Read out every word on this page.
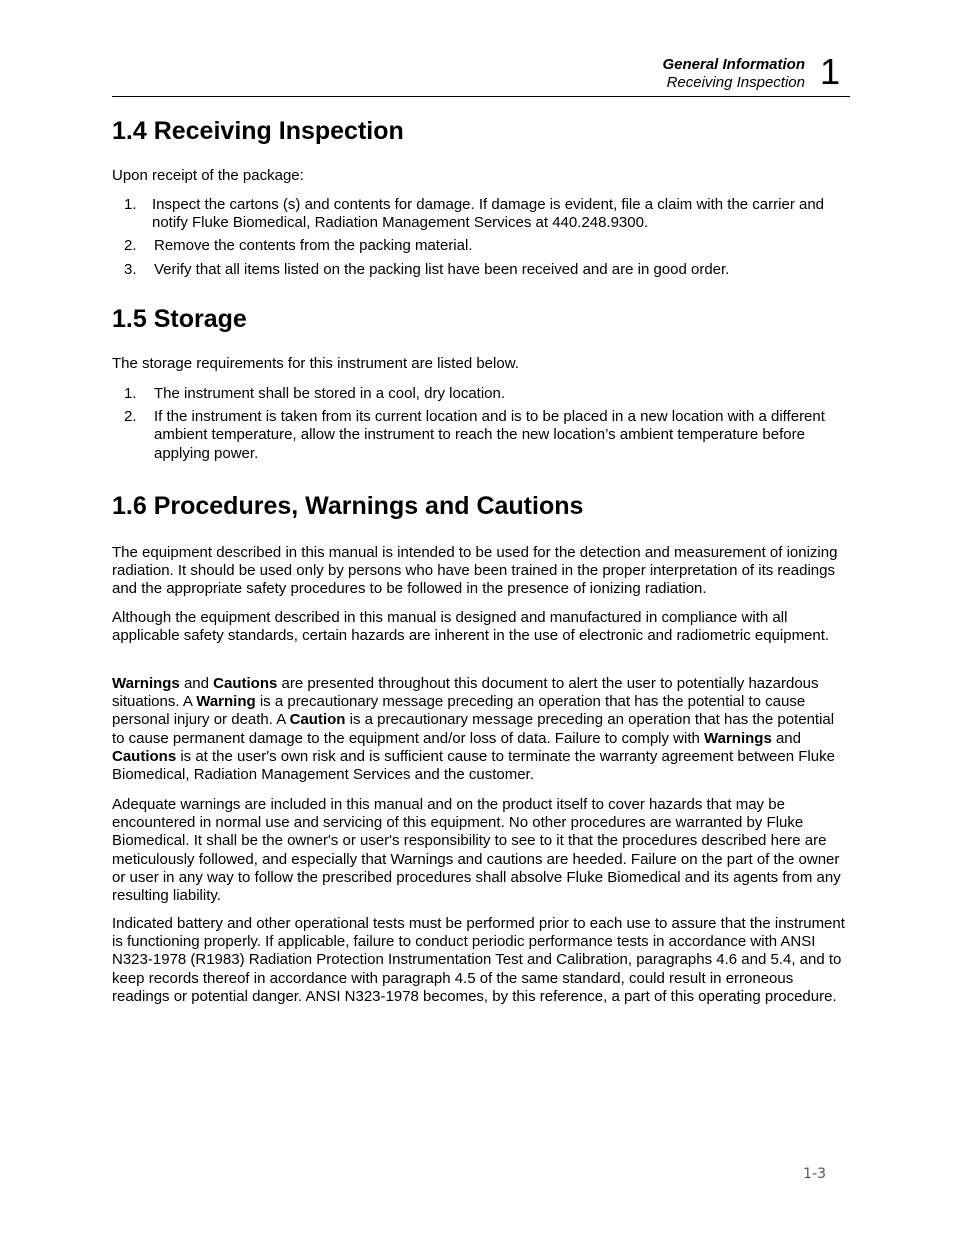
General Information
Receiving Inspection 1
1.4 Receiving Inspection

Upon receipt of the package:

1. Inspect the cartons (s) and contents for damage. If damage is evident, file a claim with the carrier and notify Fluke Biomedical, Radiation Management Services at 440.248.9300.
2. Remove the contents from the packing material.
3. Verify that all items listed on the packing list have been received and are in good order.
1.5 Storage

The storage requirements for this instrument are listed below.

1. The instrument shall be stored in a cool, dry location.
2. If the instrument is taken from its current location and is to be placed in a new location with a different ambient temperature, allow the instrument to reach the new location’s ambient temperature before applying power.
1.6 Procedures, Warnings and Cautions

The equipment described in this manual is intended to be used for the detection and measurement of ionizing radiation. It should be used only by persons who have been trained in the proper interpretation of its readings and the appropriate safety procedures to be followed in the presence of ionizing radiation.

Although the equipment described in this manual is designed and manufactured in compliance with all applicable safety standards, certain hazards are inherent in the use of electronic and radiometric equipment.

Warnings and Cautions are presented throughout this document to alert the user to potentially hazardous situations. A Warning is a precautionary message preceding an operation that has the potential to cause personal injury or death. A Caution is a precautionary message preceding an operation that has the potential to cause permanent damage to the equipment and/or loss of data. Failure to comply with Warnings and Cautions is at the user's own risk and is sufficient cause to terminate the warranty agreement between Fluke Biomedical, Radiation Management Services and the customer.

Adequate warnings are included in this manual and on the product itself to cover hazards that may be encountered in normal use and servicing of this equipment. No other procedures are warranted by Fluke Biomedical. It shall be the owner's or user's responsibility to see to it that the procedures described here are meticulously followed, and especially that Warnings and cautions are heeded. Failure on the part of the owner or user in any way to follow the prescribed procedures shall absolve Fluke Biomedical and its agents from any resulting liability.

Indicated battery and other operational tests must be performed prior to each use to assure that the instrument is functioning properly. If applicable, failure to conduct periodic performance tests in accordance with ANSI N323-1978 (R1983) Radiation Protection Instrumentation Test and Calibration, paragraphs 4.6 and 5.4, and to keep records thereof in accordance with paragraph 4.5 of the same standard, could result in erroneous readings or potential danger. ANSI N323-1978 becomes, by this reference, a part of this operating procedure.

1-3
